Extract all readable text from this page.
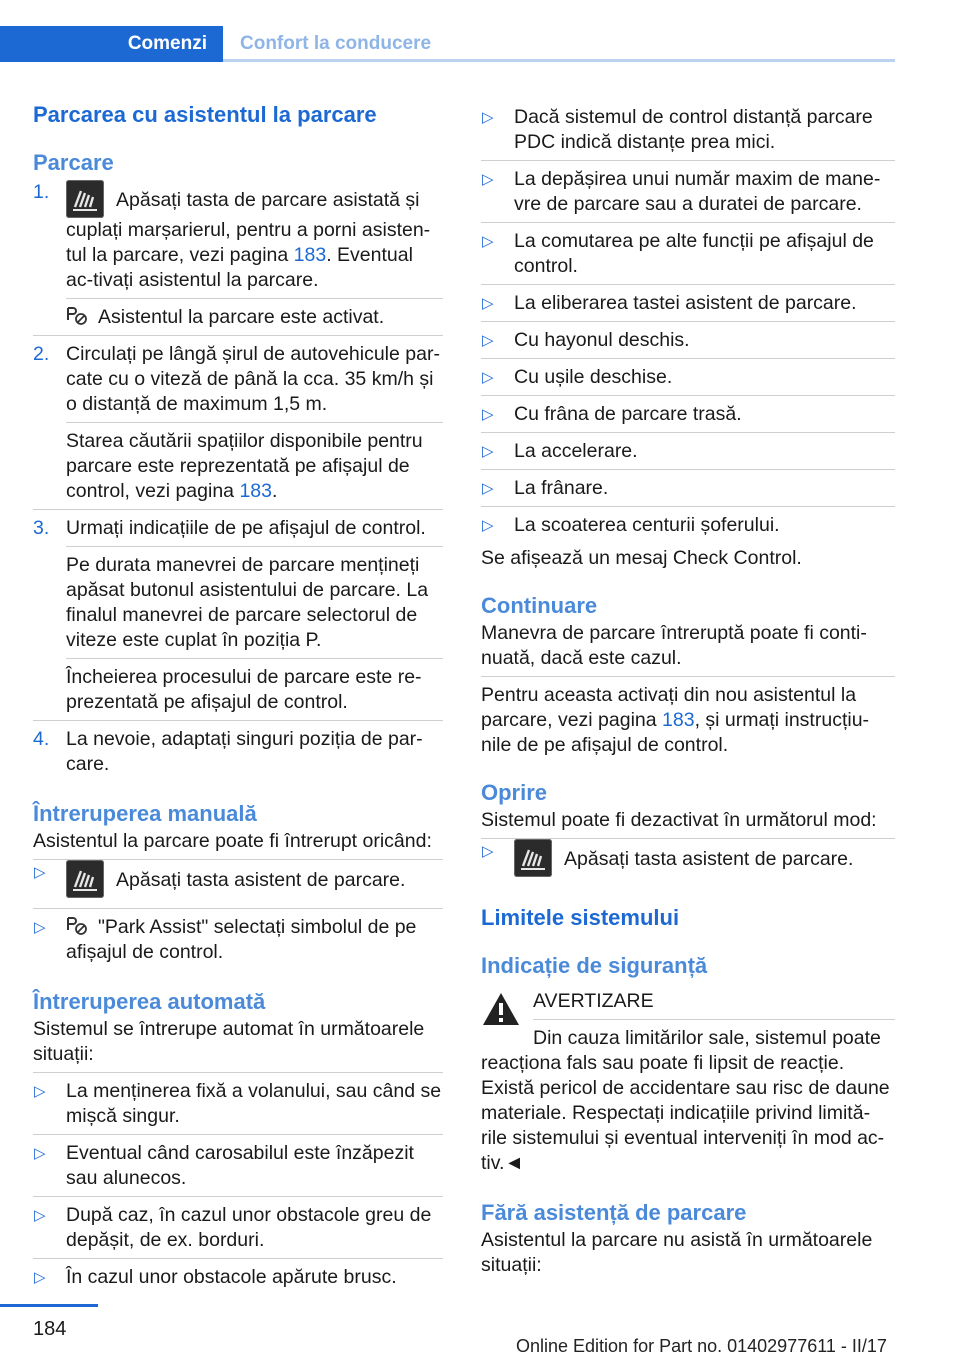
Comenzi Confort la conducere
Parcarea cu asistentul la parcare
Parcare
1.	Apăsați tasta de parcare asistată și cuplați marșarierul, pentru a porni asisten‐tul la parcare, vezi pagina 183. Eventual ac‐tivați asistentul la parcare.

Asistentul la parcare este activat.

2. Circulați pe lângă șirul de autovehicule par‐cate cu o viteză de până la cca. 35 km/h și o distanță de maximum 1,5 m.

Starea căutării spațiilor disponibile pentru parcare este reprezentată pe afișajul de control, vezi pagina 183.

3. Urmați indicațiile de pe afișajul de control.

Pe durata manevrei de parcare mențineți apăsat butonul asistentului de parcare. La finalul manevrei de parcare selectorul de viteze este cuplat în poziția P.

Încheierea procesului de parcare este re‐prezentată pe afișajul de control.

4. La nevoie, adaptați singuri poziția de par‐care.

Întreruperea manuală

Asistentul la parcare poate fi întrerupt oricând:

▷	Apăsați tasta asistent de parcare.

▷	"Park Assist" selectați simbolul de pe afișajul de control.

Întreruperea automată

Sistemul se întrerupe automat în următoarele situații:

▷ La menținerea fixă a volanului, sau când se mișcă singur.

▷ Eventual când carosabilul este înzăpezit sau alunecos.

▷ După caz, în cazul unor obstacole greu de depășit, de ex. borduri.

▷ În cazul unor obstacole apărute brusc.

▷ Dacă sistemul de control distanță parcare PDC indică distanțe prea mici.

▷ La depășirea unui număr maxim de mane‐vre de parcare sau a duratei de parcare.

▷ La comutarea pe alte funcții pe afișajul de control.

▷ La eliberarea tastei asistent de parcare.

▷ Cu hayonul deschis.

▷ Cu ușile deschise.

▷ Cu frâna de parcare trasă.

▷ La accelerare.

▷ La frânare.

▷ La scoaterea centurii șoferului.

Se afișează un mesaj Check Control.

Continuare

Manevra de parcare întreruptă poate fi conti‐nuată, dacă este cazul.

Pentru aceasta activați din nou asistentul la parcare, vezi pagina 183, și urmați instrucțiu‐nile de pe afișajul de control.

Oprire

Sistemul poate fi dezactivat în următorul mod:

▷	Apăsați tasta asistent de parcare.

Limitele sistemului
Indicație de siguranță

AVERTIZARE

Din cauza limitărilor sale, sistemul poate reacționa fals sau poate fi lipsit de reacție. Există pericol de accidentare sau risc de daune materiale. Respectați indicațiile privind limită‐rile sistemului și eventual interveniți în mod ac‐tiv.◄

Fără asistență de parcare

Asistentul la parcare nu asistă în următoarele situații:

184
Online Edition for Part no. 01402977611 - II/17
